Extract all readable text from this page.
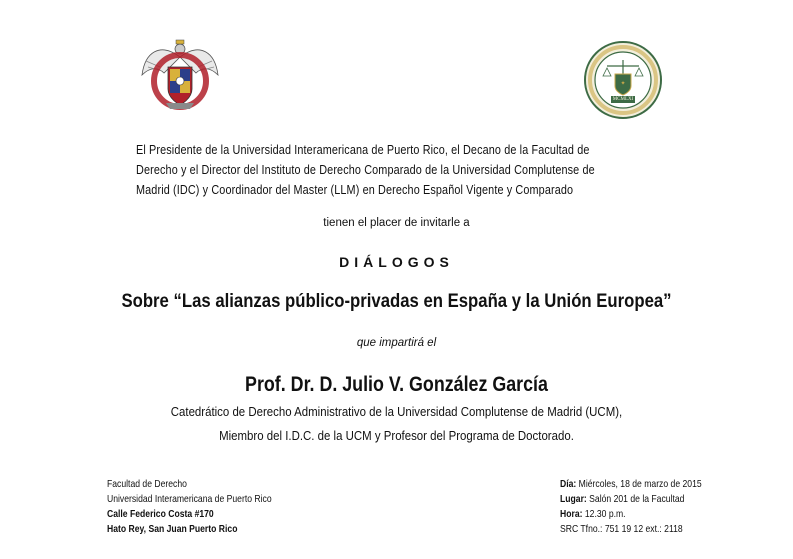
✦
MCMLXI
El Presidente de la Universidad Interamericana de Puerto Rico, el Decano de la Facultad de
Derecho y el Director del Instituto de Derecho Comparado de la Universidad Complutense de
Madrid (IDC) y Coordinador del Master (LLM) en Derecho Español Vigente y Comparado
tienen el placer de invitarle a
DIÁLOGOS
Sobre “Las alianzas público-privadas en España y la Unión Europea”
que impartirá el
Prof. Dr. D. Julio V. González García
Catedrático de Derecho Administrativo de la Universidad Complutense de Madrid (UCM),
Miembro del I.D.C. de la UCM y Profesor del Programa de Doctorado.
Facultad de Derecho
Universidad Interamericana de Puerto Rico
Calle Federico Costa #170
Hato Rey, San Juan Puerto Rico
Día: Miércoles, 18 de marzo de 2015
Lugar: Salón 201 de la Facultad
Hora: 12.30 p.m.
SRC Tfno.: 751 19 12 ext.: 2118
